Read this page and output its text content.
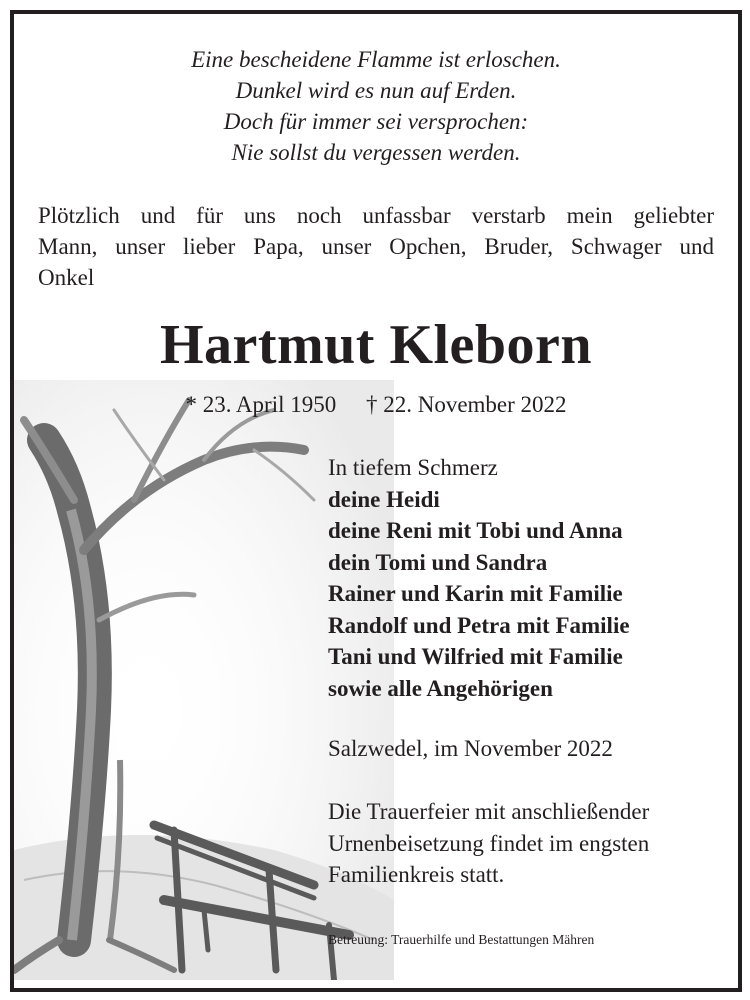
Eine bescheidene Flamme ist erloschen.
Dunkel wird es nun auf Erden.
Doch für immer sei versprochen:
Nie sollst du vergessen werden.
Plötzlich und für uns noch unfassbar verstarb mein geliebter
Mann, unser lieber Papa, unser Opchen, Bruder, Schwager und
Onkel
Hartmut Kleborn
* 23. April 1950 † 22. November 2022
In tiefem Schmerz
deine Heidi
deine Reni mit Tobi und Anna
dein Tomi und Sandra
Rainer und Karin mit Familie
Randolf und Petra mit Familie
Tani und Wilfried mit Familie
sowie alle Angehörigen
Salzwedel, im November 2022
Die Trauerfeier mit anschließender
Urnenbeisetzung findet im engsten
Familienkreis statt.
Betreuung: Trauerhilfe und Bestattungen Mähren
